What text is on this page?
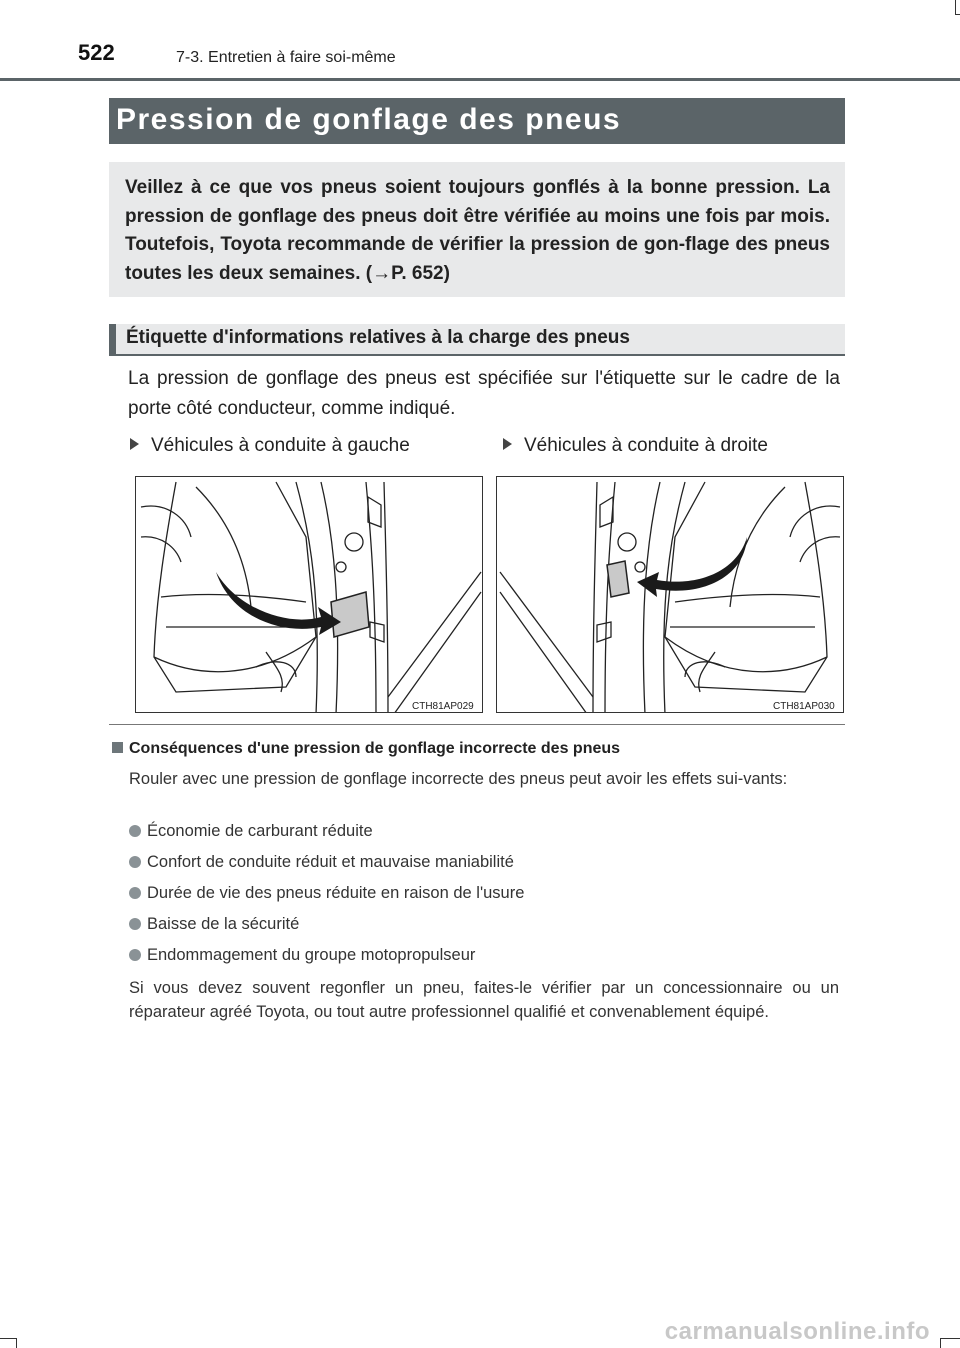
522	7-3. Entretien à faire soi-même
Pression de gonflage des pneus
Veillez à ce que vos pneus soient toujours gonflés à la bonne pression. La pression de gonflage des pneus doit être vérifiée au moins une fois par mois. Toutefois, Toyota recommande de vérifier la pression de gon-flage des pneus toutes les deux semaines. (→P. 652)
Étiquette d'informations relatives à la charge des pneus
La pression de gonflage des pneus est spécifiée sur l'étiquette sur le cadre de la porte côté conducteur, comme indiqué.
Véhicules à conduite à gauche	Véhicules à conduite à droite
CTH81AP029	CTH81AP030
Conséquences d'une pression de gonflage incorrecte des pneus
Rouler avec une pression de gonflage incorrecte des pneus peut avoir les effets sui-vants:
Économie de carburant réduite
Confort de conduite réduit et mauvaise maniabilité
Durée de vie des pneus réduite en raison de l'usure
Baisse de la sécurité
Endommagement du groupe motopropulseur
Si vous devez souvent regonfler un pneu, faites-le vérifier par un concessionnaire ou un réparateur agréé Toyota, ou tout autre professionnel qualifié et convenablement équipé.
carmanualsonline.info
